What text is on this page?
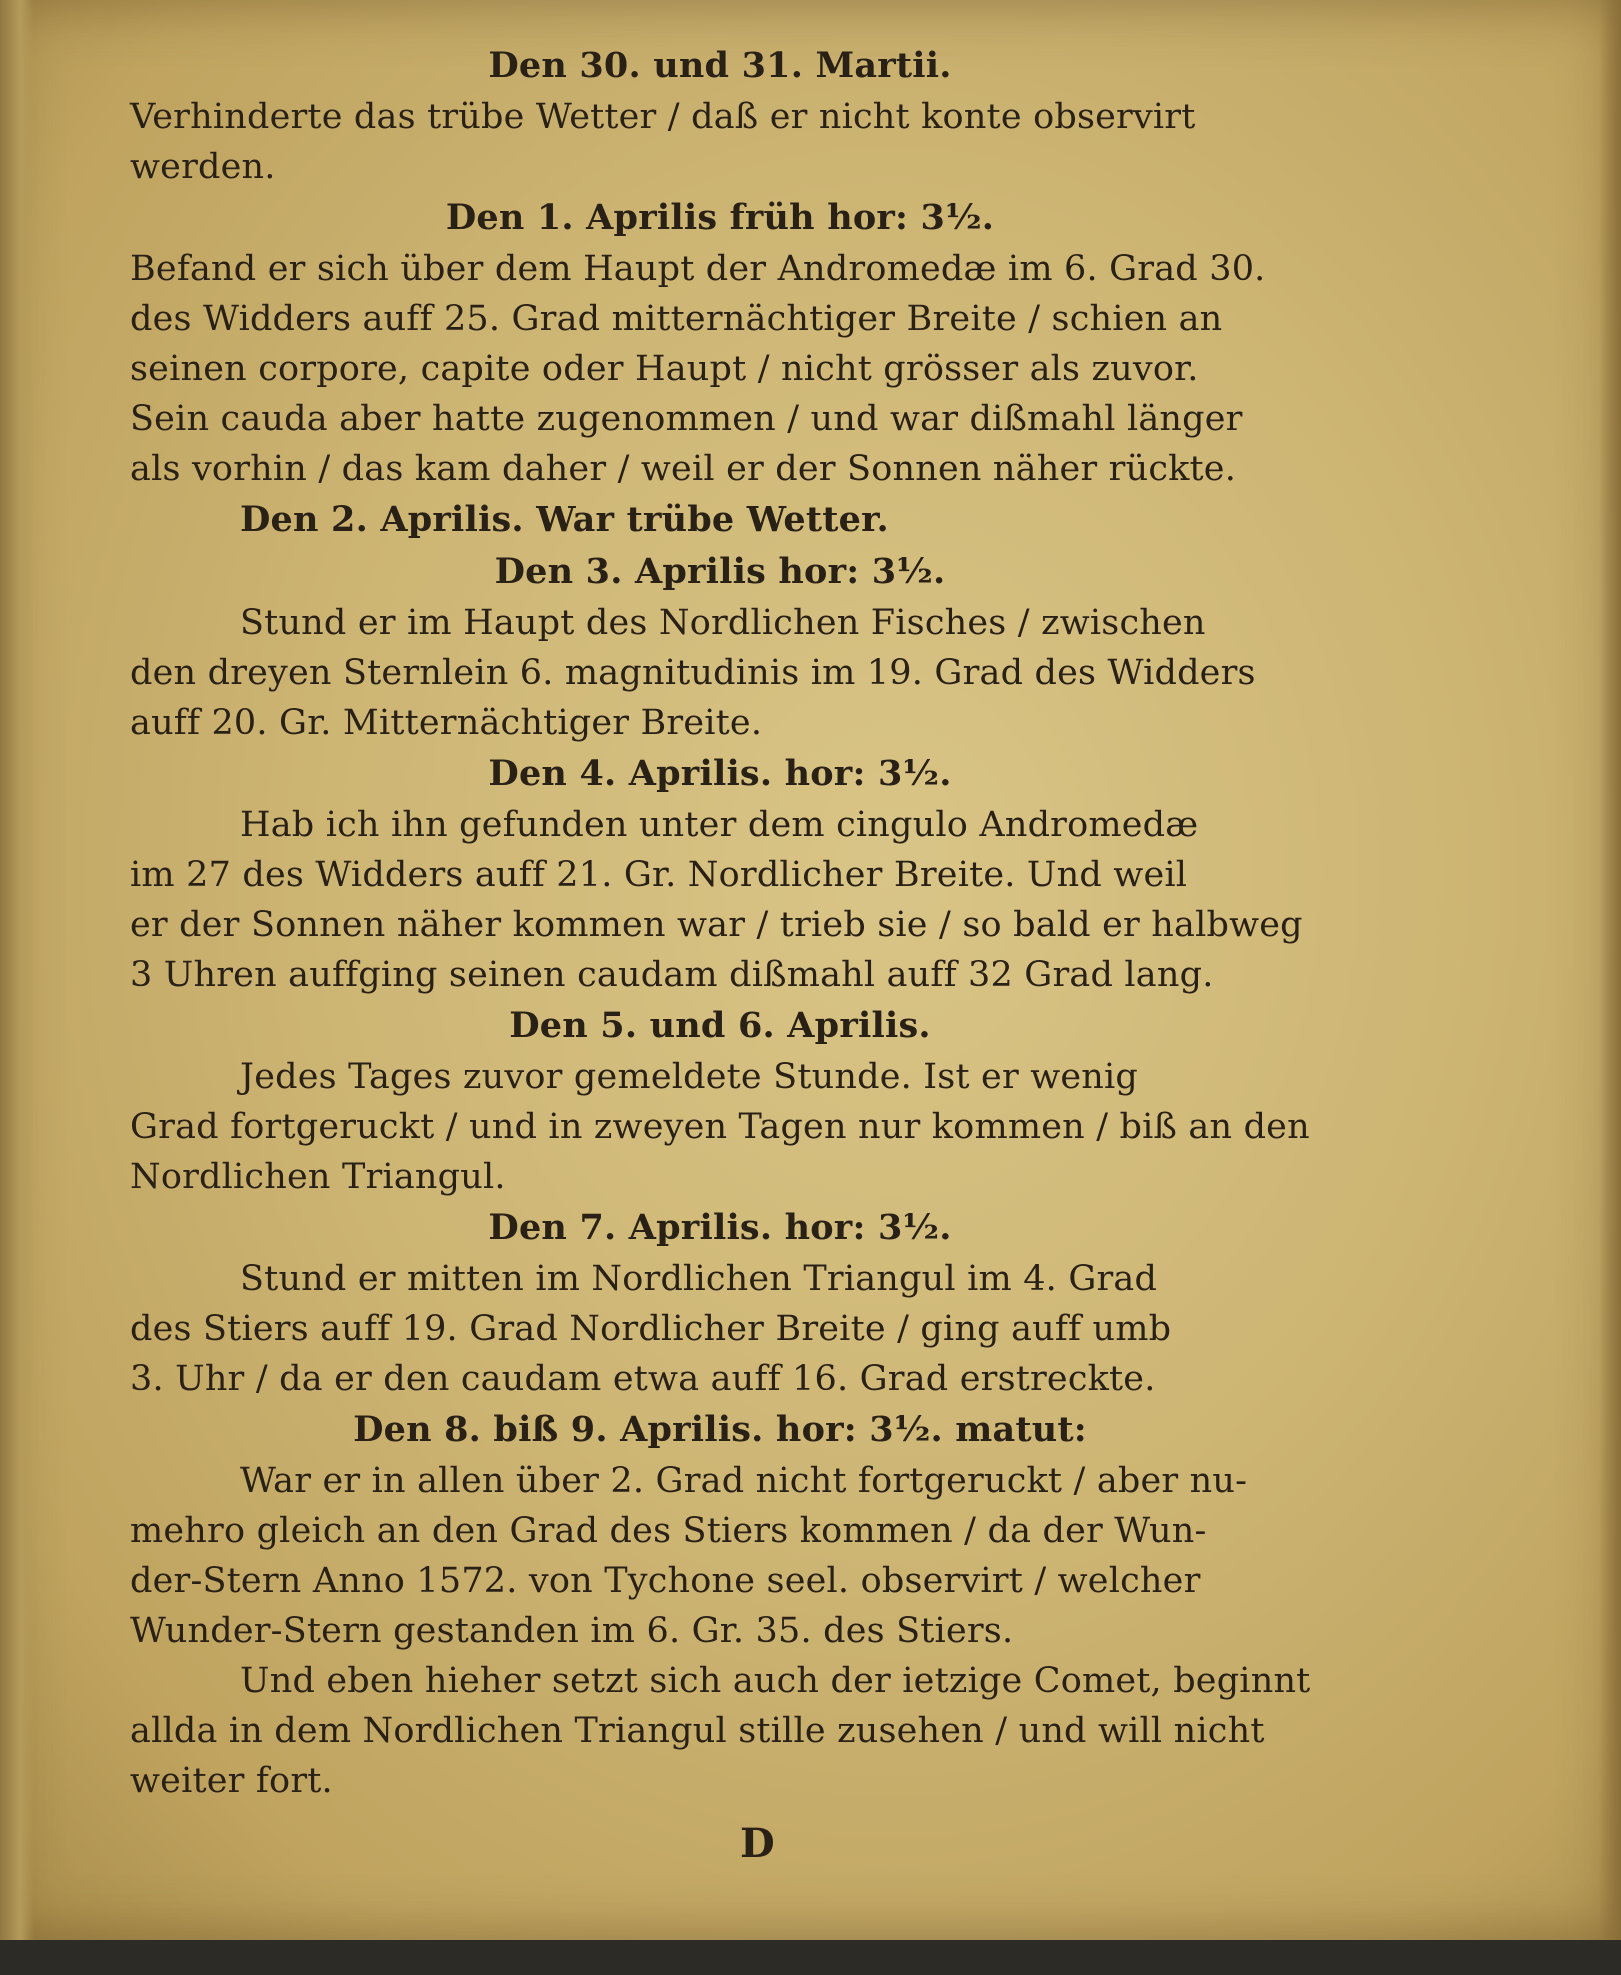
Den 30. und 31. Martii.

Verhinderte das trübe Wetter / daß er nicht konte observirt
werden.

Den 1. Aprilis früh hor: 3½.

Befand er sich über dem Haupt der Andromedæ im 6. Grad 30.
des Widders auff 25. Grad mitternächtiger Breite / schien an
seinen corpore, capite oder Haupt / nicht grösser als zuvor.
Sein cauda aber hatte zugenommen / und war dißmahl länger
als vorhin / das kam daher / weil er der Sonnen näher rückte.

Den 2. Aprilis. War trübe Wetter.

Den 3. Aprilis hor: 3½.

Stund er im Haupt des Nordlichen Fisches / zwischen
den dreyen Sternlein 6. magnitudinis im 19. Grad des Widders
auff 20. Gr. Mitternächtiger Breite.

Den 4. Aprilis. hor: 3½.

Hab ich ihn gefunden unter dem cingulo Andromedæ
im 27 des Widders auff 21. Gr. Nordlicher Breite. Und weil
er der Sonnen näher kommen war / trieb sie / so bald er halbweg
3 Uhren auffging seinen caudam dißmahl auff 32 Grad lang.

Den 5. und 6. Aprilis.

Jedes Tages zuvor gemeldete Stunde. Ist er wenig
Grad fortgeruckt / und in zweyen Tagen nur kommen / biß an den
Nordlichen Triangul.

Den 7. Aprilis. hor: 3½.

Stund er mitten im Nordlichen Triangul im 4. Grad
des Stiers auff 19. Grad Nordlicher Breite / ging auff umb
3. Uhr / da er den caudam etwa auff 16. Grad erstreckte.

Den 8. biß 9. Aprilis. hor: 3½. matut:

War er in allen über 2. Grad nicht fortgeruckt / aber nu-
mehro gleich an den Grad des Stiers kommen / da der Wun-
der-Stern Anno 1572. von Tychone seel. observirt / welcher
Wunder-Stern gestanden im 6. Gr. 35. des Stiers.
Und eben hieher setzt sich auch der ietzige Comet, beginnt
allda in dem Nordlichen Triangul stille zusehen / und will nicht
weiter fort.
D
